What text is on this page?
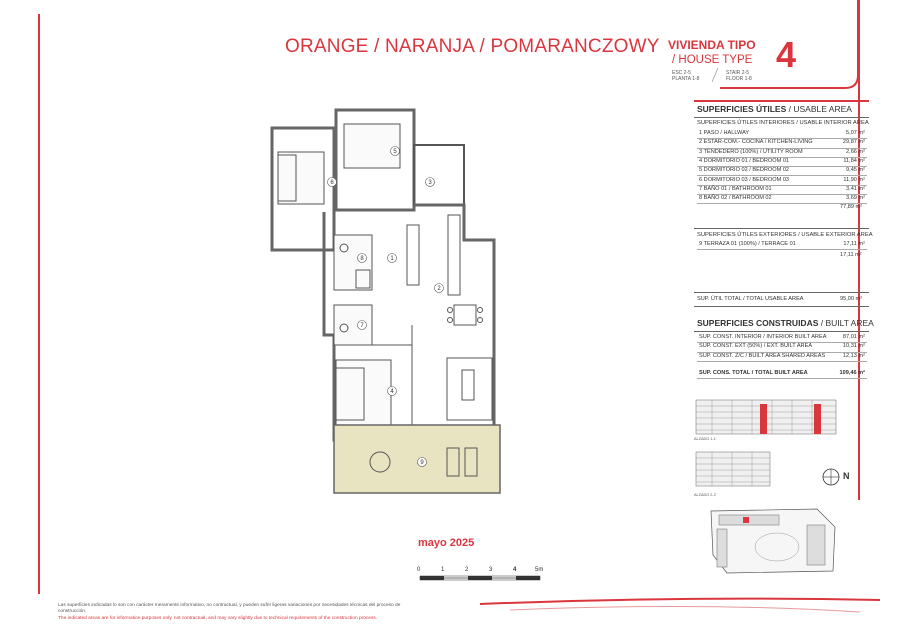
ORANGE / NARANJA / POMARANCZOWY VIVIENDA TIPO
/ HOUSE TYPE 4
ESC 2-5
PLANTA 1-8
STAIR 2-5
FLOOR 1-8
1
2
3
4
5
6
7
8
9
SUPERFICIES ÚTILES / USABLE AREA
SUPERFICIES ÚTILES INTERIORES / USABLE INTERIOR AREA
1 PASO / HALLWAY	5,07 m²
2 ESTAR-COM.- COCINA / KITCHEN-LIVING	29,87 m²
3 TENDEDERO (100%) / UTILITY ROOM	2,66 m²
4 DORMITORIO 01 / BEDROOM 01	11,84 m²
5 DORMITORIO 02 / BEDROOM 02	9,45 m²
6 DORMITORIO 03 / BEDROOM 03	11,90 m²
7 BAÑO 01 / BATHROOM 01	3,41 m²
8 BAÑO 02 / BATHROOM 02	3,69 m²
77,89 m²
SUPERFICIES ÚTILES EXTERIORES / USABLE EXTERIOR AREA
9 TERRAZA 01 (100%) / TERRACE 01	17,11 m²
17,11 m²
SUP. ÚTIL TOTAL / TOTAL USABLE AREA	95,00 m²
SUPERFICIES CONSTRUIDAS / BUILT AREA
SUP. CONST. INTERIOR / INTERIOR BUILT AREA	87,01 m²
SUP. CONST. EXT (50%) / EXT. BUILT AREA	10,31 m²
SUP. CONST. Z/C / BUILT AREA SHARED AREAS	12,13 m²
SUP. CONS. TOTAL / TOTAL BUILT AREA	109,46 m²
ALZADO 1-1'
ALZADO 2-2'
N
mayo 2025
0	1	2	3	4	5m
Las superficies indicadas lo son con carácter meramente informativo, no contractual, y pueden sufrir ligeras variaciones por necesidades técnicas del proceso de
construcción.
The indicated areas are for information purposes only, not contractual, and may vary slightly due to technical requirements of the construction process.
